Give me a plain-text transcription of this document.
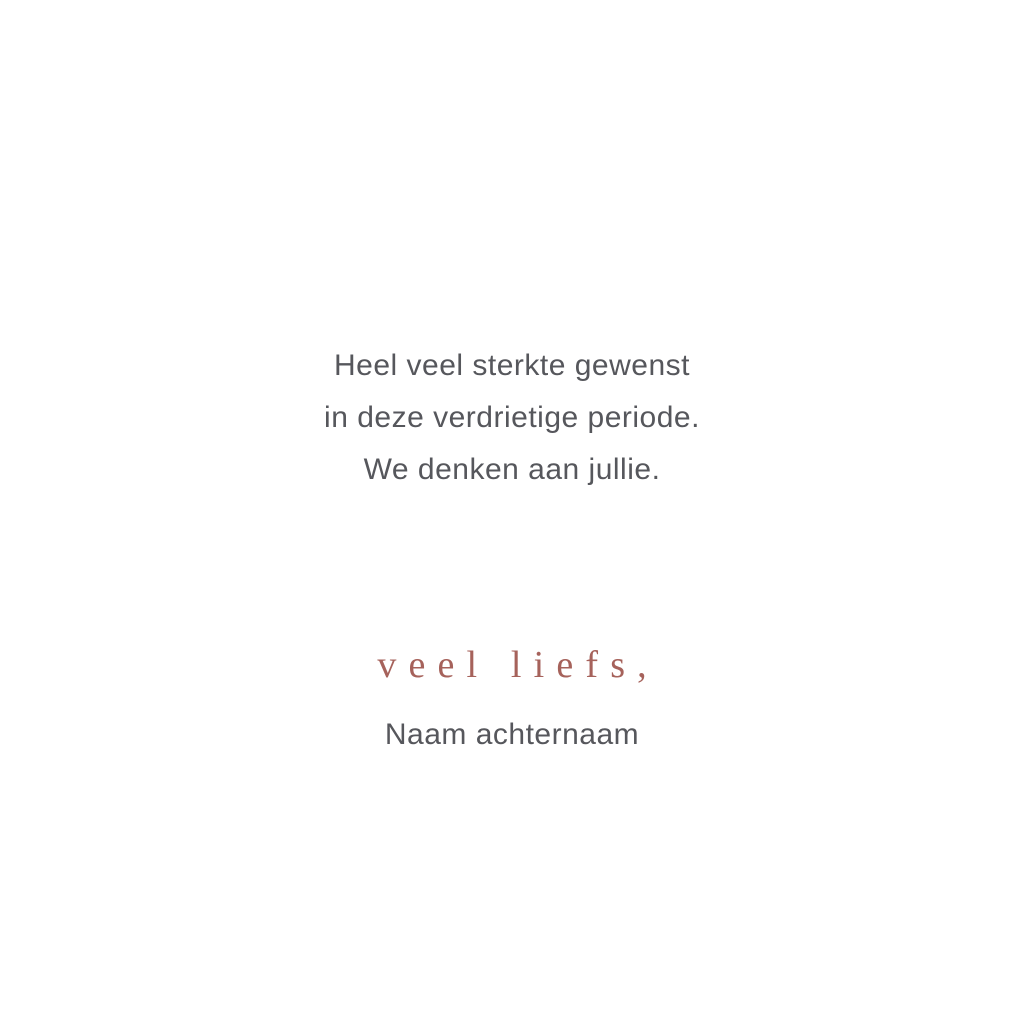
Heel veel sterkte gewenst
in deze verdrietige periode.
We denken aan jullie.
veel liefs,
Naam achternaam
